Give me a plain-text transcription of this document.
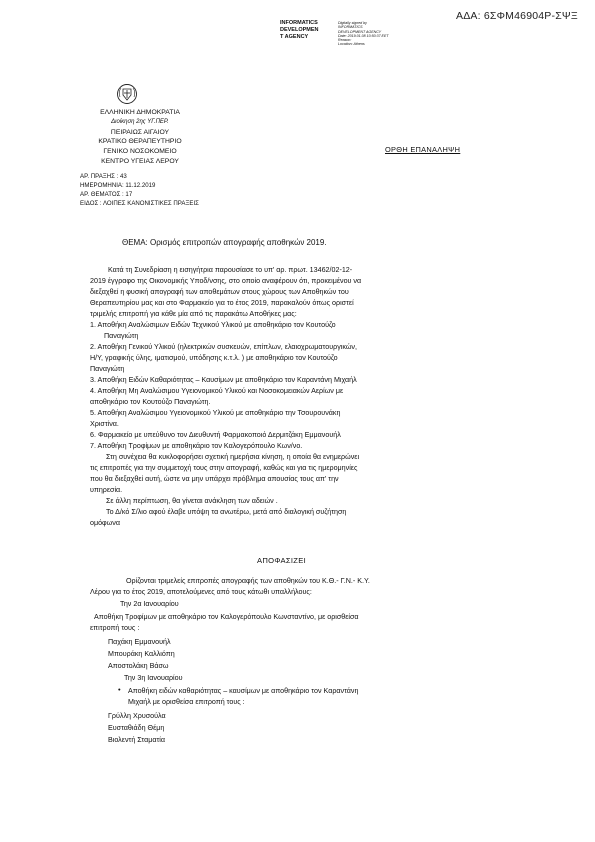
ΑΔΑ: 6ΣΦΜ46904Ρ-ΣΨΞ
INFORMATICS
DEVELOPMEN
T AGENCY
Digitally signed by
INFORMATICS
DEVELOPMENT AGENCY
Date: 2019.01.08 10:50:37 EET
Reason:
Location: Athens
ΕΛΛΗΝΙΚΗ ΔΗΜΟΚΡΑΤΙΑ
Διοίκηση 2ης ΥΓ.ΠΕΡ.
ΠΕΙΡΑΙΩΣ ΑΙΓΑΙΟΥ
ΚΡΑΤΙΚΟ ΘΕΡΑΠΕΥΤΗΡΙΟ
ΓΕΝΙΚΟ ΝΟΣΟΚΟΜΕΙΟ
ΚΕΝΤΡΟ ΥΓΕΙΑΣ ΛΕΡΟΥ
ΟΡΘΗ ΕΠΑΝΑΛΗΨΗ
ΑΡ. ΠΡΑΞΗΣ : 43
ΗΜΕΡΟΜΗΝΙΑ: 11.12.2019
ΑΡ. ΘΕΜΑΤΟΣ : 17
ΕΙΔΟΣ : ΛΟΙΠΕΣ ΚΑΝΟΝΙΣΤΙΚΕΣ ΠΡΑΞΕΙΣ
ΘΕΜΑ: Ορισμός επιτροπών απογραφής αποθηκών 2019.
Κατά τη Συνεδρίαση η εισηγήτρια παρουσίασε το υπ' αρ. πρωτ. 13462/02-12-
2019 έγγραφο της Οικονομικής Υποδ/νσης, στο οποίο αναφέρουν ότι, προκειμένου να
διεξαχθεί η φυσική απογραφή των αποθεμάτων στους χώρους των Αποθηκών του
Θεραπευτηρίου μας και στο Φαρμακείο για το έτος 2019, παρακαλούν όπως οριστεί
τριμελής επιτροπή για κάθε μία από τις παρακάτω Αποθήκες μας:
1. Αποθήκη Αναλώσιμων Ειδών Τεχνικού Υλικού με αποθηκάριο τον Κουτούζο
Παναγιώτη
2. Αποθήκη Γενικού Υλικού (ηλεκτρικών συσκευών, επίπλων, ελαιοχρωματουργικών,
Η/Υ, γραφικής ύλης, ιματισμού, υπόδησης κ.τ.λ. ) με αποθηκάριο τον Κουτούζο
Παναγιώτη
3. Αποθήκη Ειδών Καθαριότητας – Καυσίμων με αποθηκάριο τον Καραντάνη Μιχαήλ
4. Αποθήκη Μη Αναλώσιμου Υγειονομικού Υλικού και Νοσοκομειακών Αερίων με
αποθηκάριο τον Κουτούζο Παναγιώτη.
5. Αποθήκη Αναλώσιμου Υγειονομικού Υλικού με αποθηκάριο την Τσουρουνάκη
Χριστίνα.
6. Φαρμακείο με υπεύθυνο τον Διευθυντή Φαρμακοποιό Δερμιτζάκη Εμμανουήλ
7. Αποθήκη Τροφίμων με αποθηκάριο τον Καλογερόπουλο Κων/νο.
Στη συνέχεια θα κυκλοφορήσει σχετική ημερήσια κίνηση, η οποία θα ενημερώνει
τις επιτροπές για την συμμετοχή τους στην απογραφή, καθώς και για τις ημερομηνίες
που θα διεξαχθεί αυτή, ώστε να μην υπάρχει πρόβλημα απουσίας τους απ' την
υπηρεσία.
Σε άλλη περίπτωση, θα γίνεται ανάκληση των αδειών .
Το Δ/κό Σ/λιο αφού έλαβε υπόψη τα ανωτέρω, μετά από διαλογική συζήτηση
ομόφωνα
ΑΠΟΦΑΣΙΖΕΙ
Ορίζονται τριμελείς επιτροπές απογραφής των αποθηκών του Κ.Θ.- Γ.Ν.- Κ.Υ.
Λέρου για το έτος 2019, αποτελούμενες από τους κάτωθι υπαλλήλους:
Την 2α Ιανουαρίου
Αποθήκη Τροφίμων με αποθηκάριο τον Καλογερόπουλο Κωνσταντίνο, με ορισθείσα
επιτροπή τους :
Παχάκη Εμμανουήλ
Μπουράκη Καλλιόπη
Αποστολάκη Βάσω
Την 3η Ιανουαρίου
• Αποθήκη ειδών καθαριότητας – καυσίμων με αποθηκάριο τον Καραντάνη
Μιχαήλ με ορισθείσα επιτροπή τους :
Γρύλλη Χρυσούλα
Ευσταθιάδη Θέμη
Βιολεντή Σταματία
